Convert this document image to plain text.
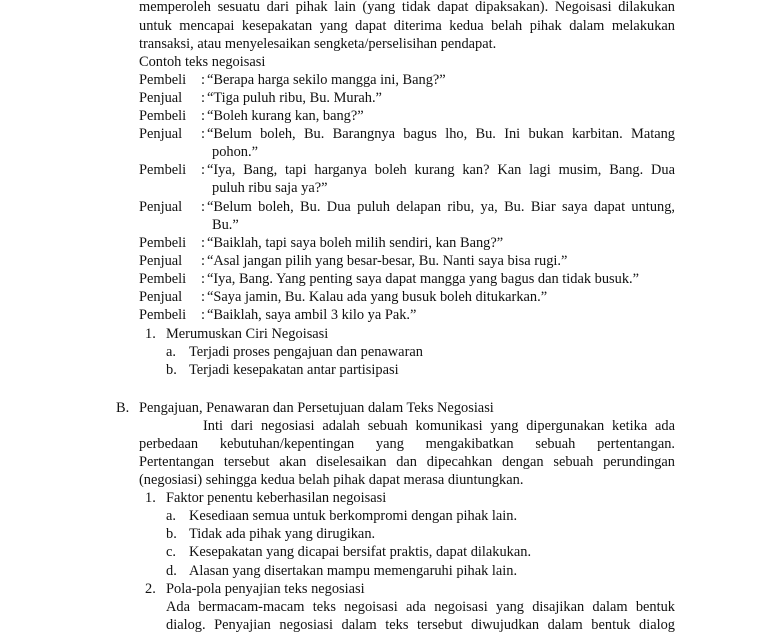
memperoleh sesuatu dari pihak lain (yang tidak dapat dipaksakan). Negoisasi dilakukan
untuk mencapai kesepakatan yang dapat diterima kedua belah pihak dalam melakukan
transaksi, atau menyelesaikan sengketa/perselisihan pendapat.
Contoh teks negoisasi
Pembeli : “Berapa harga sekilo mangga ini, Bang?”
Penjual : “Tiga puluh ribu, Bu. Murah.”
Pembeli : “Boleh kurang kan, bang?”
Penjual : “Belum boleh, Bu. Barangnya bagus lho, Bu. Ini bukan karbitan. Matang
pohon.”
Pembeli : “Iya, Bang, tapi harganya boleh kurang kan? Kan lagi musim, Bang. Dua
puluh ribu saja ya?”
Penjual : “Belum boleh, Bu. Dua puluh delapan ribu, ya, Bu. Biar saya dapat untung,
Bu.”
Pembeli : “Baiklah, tapi saya boleh milih sendiri, kan Bang?”
Penjual : “Asal jangan pilih yang besar-besar, Bu. Nanti saya bisa rugi.”
Pembeli : “Iya, Bang. Yang penting saya dapat mangga yang bagus dan tidak busuk.”
Penjual : “Saya jamin, Bu. Kalau ada yang busuk boleh ditukarkan.”
Pembeli : “Baiklah, saya ambil 3 kilo ya Pak.”
1. Merumuskan Ciri Negoisasi
a. Terjadi proses pengajuan dan penawaran
b. Terjadi kesepakatan antar partisipasi
B. Pengajuan, Penawaran dan Persetujuan dalam Teks Negosiasi
Inti dari negosiasi adalah sebuah komunikasi yang dipergunakan ketika ada
perbedaan kebutuhan/kepentingan yang mengakibatkan sebuah pertentangan.
Pertentangan tersebut akan diselesaikan dan dipecahkan dengan sebuah perundingan
(negosiasi) sehingga kedua belah pihak dapat merasa diuntungkan.
1. Faktor penentu keberhasilan negoisasi
a. Kesediaan semua untuk berkompromi dengan pihak lain.
b. Tidak ada pihak yang dirugikan.
c. Kesepakatan yang dicapai bersifat praktis, dapat dilakukan.
d. Alasan yang disertakan mampu memengaruhi pihak lain.
2. Pola-pola penyajian teks negosiasi
Ada bermacam-macam teks negoisasi ada negoisasi yang disajikan dalam bentuk
dialog. Penyajian negosiasi dalam teks tersebut diwujudkan dalam bentuk dialog
